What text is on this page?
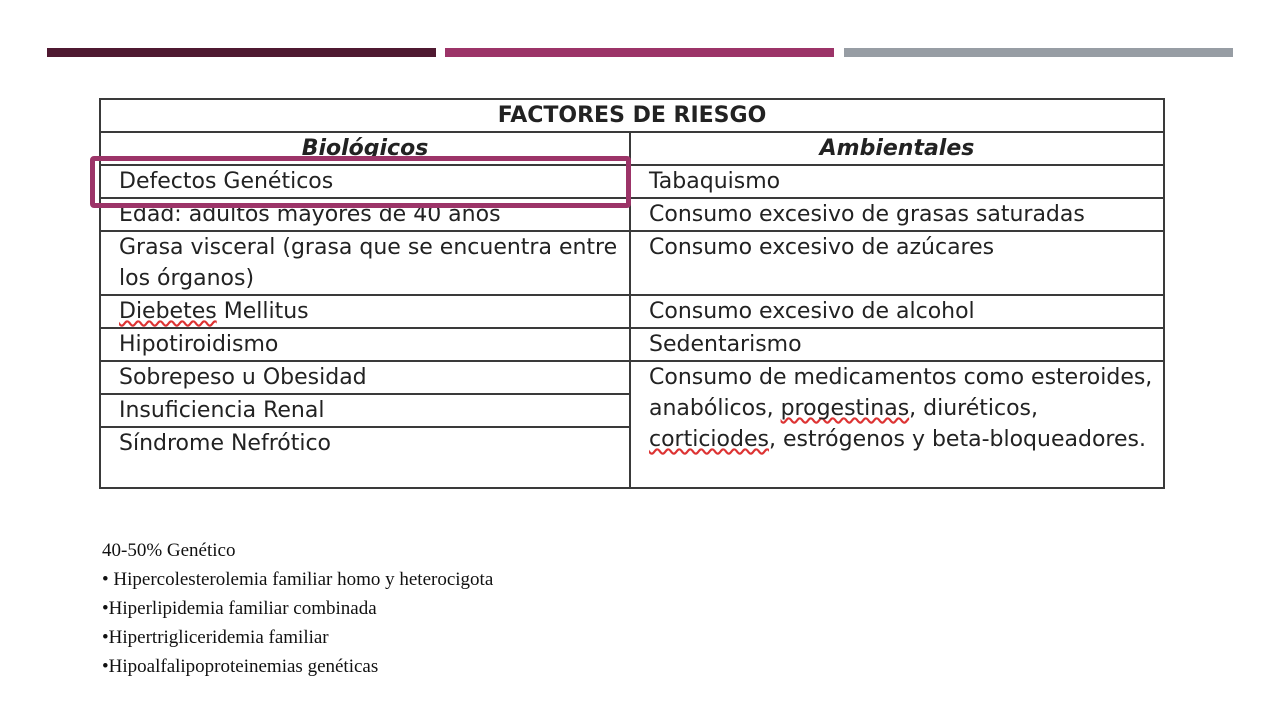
FACTORES DE RIESGO	
Biológicos	Ambientales
Defectos Genéticos	Tabaquismo
Edad: adultos mayores de 40 años	Consumo excesivo de grasas saturadas
Grasa visceral (grasa que se encuentra entre los órganos)	Consumo excesivo de azúcares
Diebetes Mellitus	Consumo excesivo de alcohol
Hipotiroidismo	Sedentarismo
Sobrepeso u Obesidad	Consumo de medicamentos como esteroides, anabólicos, progestinas, diuréticos, corticiodes, estrógenos y beta-bloqueadores.
Insuficiencia Renal	
Síndrome Nefrótico	
40-50% Genético
• Hipercolesterolemia familiar homo y heterocigota
•Hiperlipidemia familiar combinada
•Hipertrigliceridemia familiar
•Hipoalfalipoproteinemias genéticas
